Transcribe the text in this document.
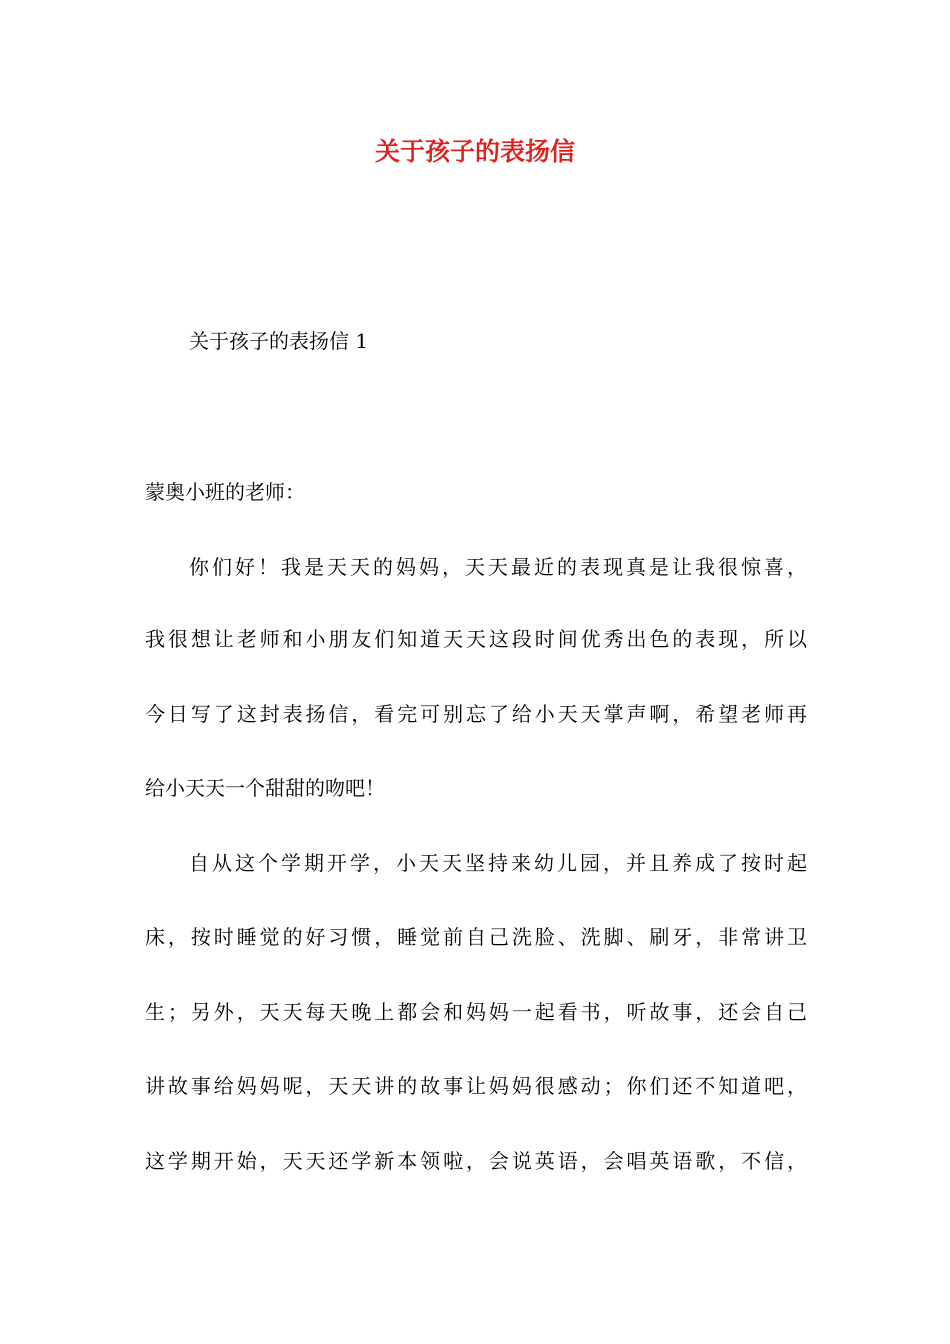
关于孩子的表扬信

关于孩子的表扬信 1

蒙奥小班的老师：

你们好！我是天天的妈妈，天天最近的表现真是让我很惊喜，

我很想让老师和小朋友们知道天天这段时间优秀出色的表现，所以

今日写了这封表扬信，看完可别忘了给小天天掌声啊，希望老师再

给小天天一个甜甜的吻吧！

自从这个学期开学，小天天坚持来幼儿园，并且养成了按时起

床，按时睡觉的好习惯，睡觉前自己洗脸、洗脚、刷牙，非常讲卫

生；另外，天天每天晚上都会和妈妈一起看书，听故事，还会自己

讲故事给妈妈呢，天天讲的故事让妈妈很感动；你们还不知道吧，

这学期开始，天天还学新本领啦，会说英语，会唱英语歌，不信，
